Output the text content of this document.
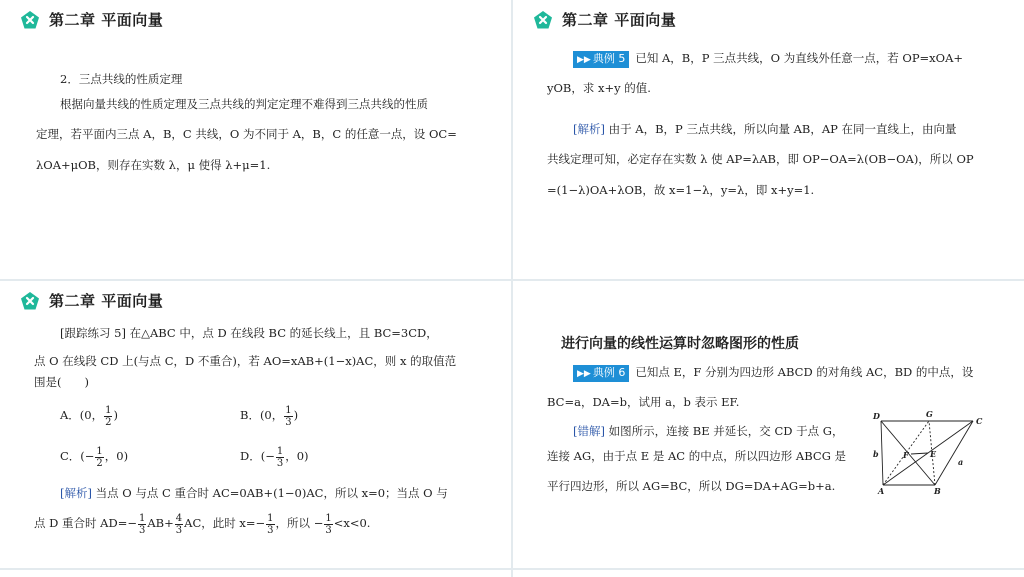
第二章 平面向量
2．三点共线的性质定理
根据向量共线的性质定理及三点共线的判定定理不难得到三点共线的性质
定理，若平面内三点 A，B，C 共线，O 为不同于 A，B，C 的任意一点，设 OC=
λOA+μOB，则存在实数 λ，μ 使得 λ+μ=1.
第二章 平面向量
▶▶ 典例 5 已知 A，B，P 三点共线，O 为直线外任意一点，若 OP=xOA+
yOB，求 x+y 的值.
[解析] 由于 A，B，P 三点共线，所以向量 AB，AP 在同一直线上，由向量
共线定理可知，必定存在实数 λ 使 AP=λAB，即 OP−OA=λ(OB−OA)，所以 OP
=(1−λ)OA+λOB，故 x=1−λ，y=λ，即 x+y=1.
第二章 平面向量
[跟踪练习 5] 在△ABC 中，点 D 在线段 BC 的延长线上，且 BC=3CD，
点 O 在线段 CD 上(与点 C，D 不重合)，若 AO=xAB+(1−x)AC，则 x 的取值范
围是(　　)
A．(0， $\frac{1}{2}$ )	B．(0， $\frac{1}{3}$ )
C．(− $\frac{1}{2}$ ，0)	D．(− $\frac{1}{3}$ ，0)
[解析] 当点 O 与点 C 重合时 AC=0AB+(1−0)AC，所以 x=0；当点 O 与
点 D 重合时 $AD=- \frac{1}{3} AB+ \frac{4}{3}$ AC，此时 $x=- \frac{1}{3}$ ，所以 − $\frac{1}{3} <x<0$.
进行向量的线性运算时忽略图形的性质
▶▶ 典例 6 已知点 E，F 分别为四边形 ABCD 的对角线 AC，BD 的中点，设
BC=a，DA=b，试用 a，b 表示 EF.
[错解] 如图所示，连接 BE 并延长，交 CD 于点 G，
连接 AG，由于点 E 是 AC 的中点，所以四边形 ABCG 是
平行四边形，所以 AG=BC，所以 DG=DA+AG=b+a.
D	G
C
F	E
b
a
A	B
